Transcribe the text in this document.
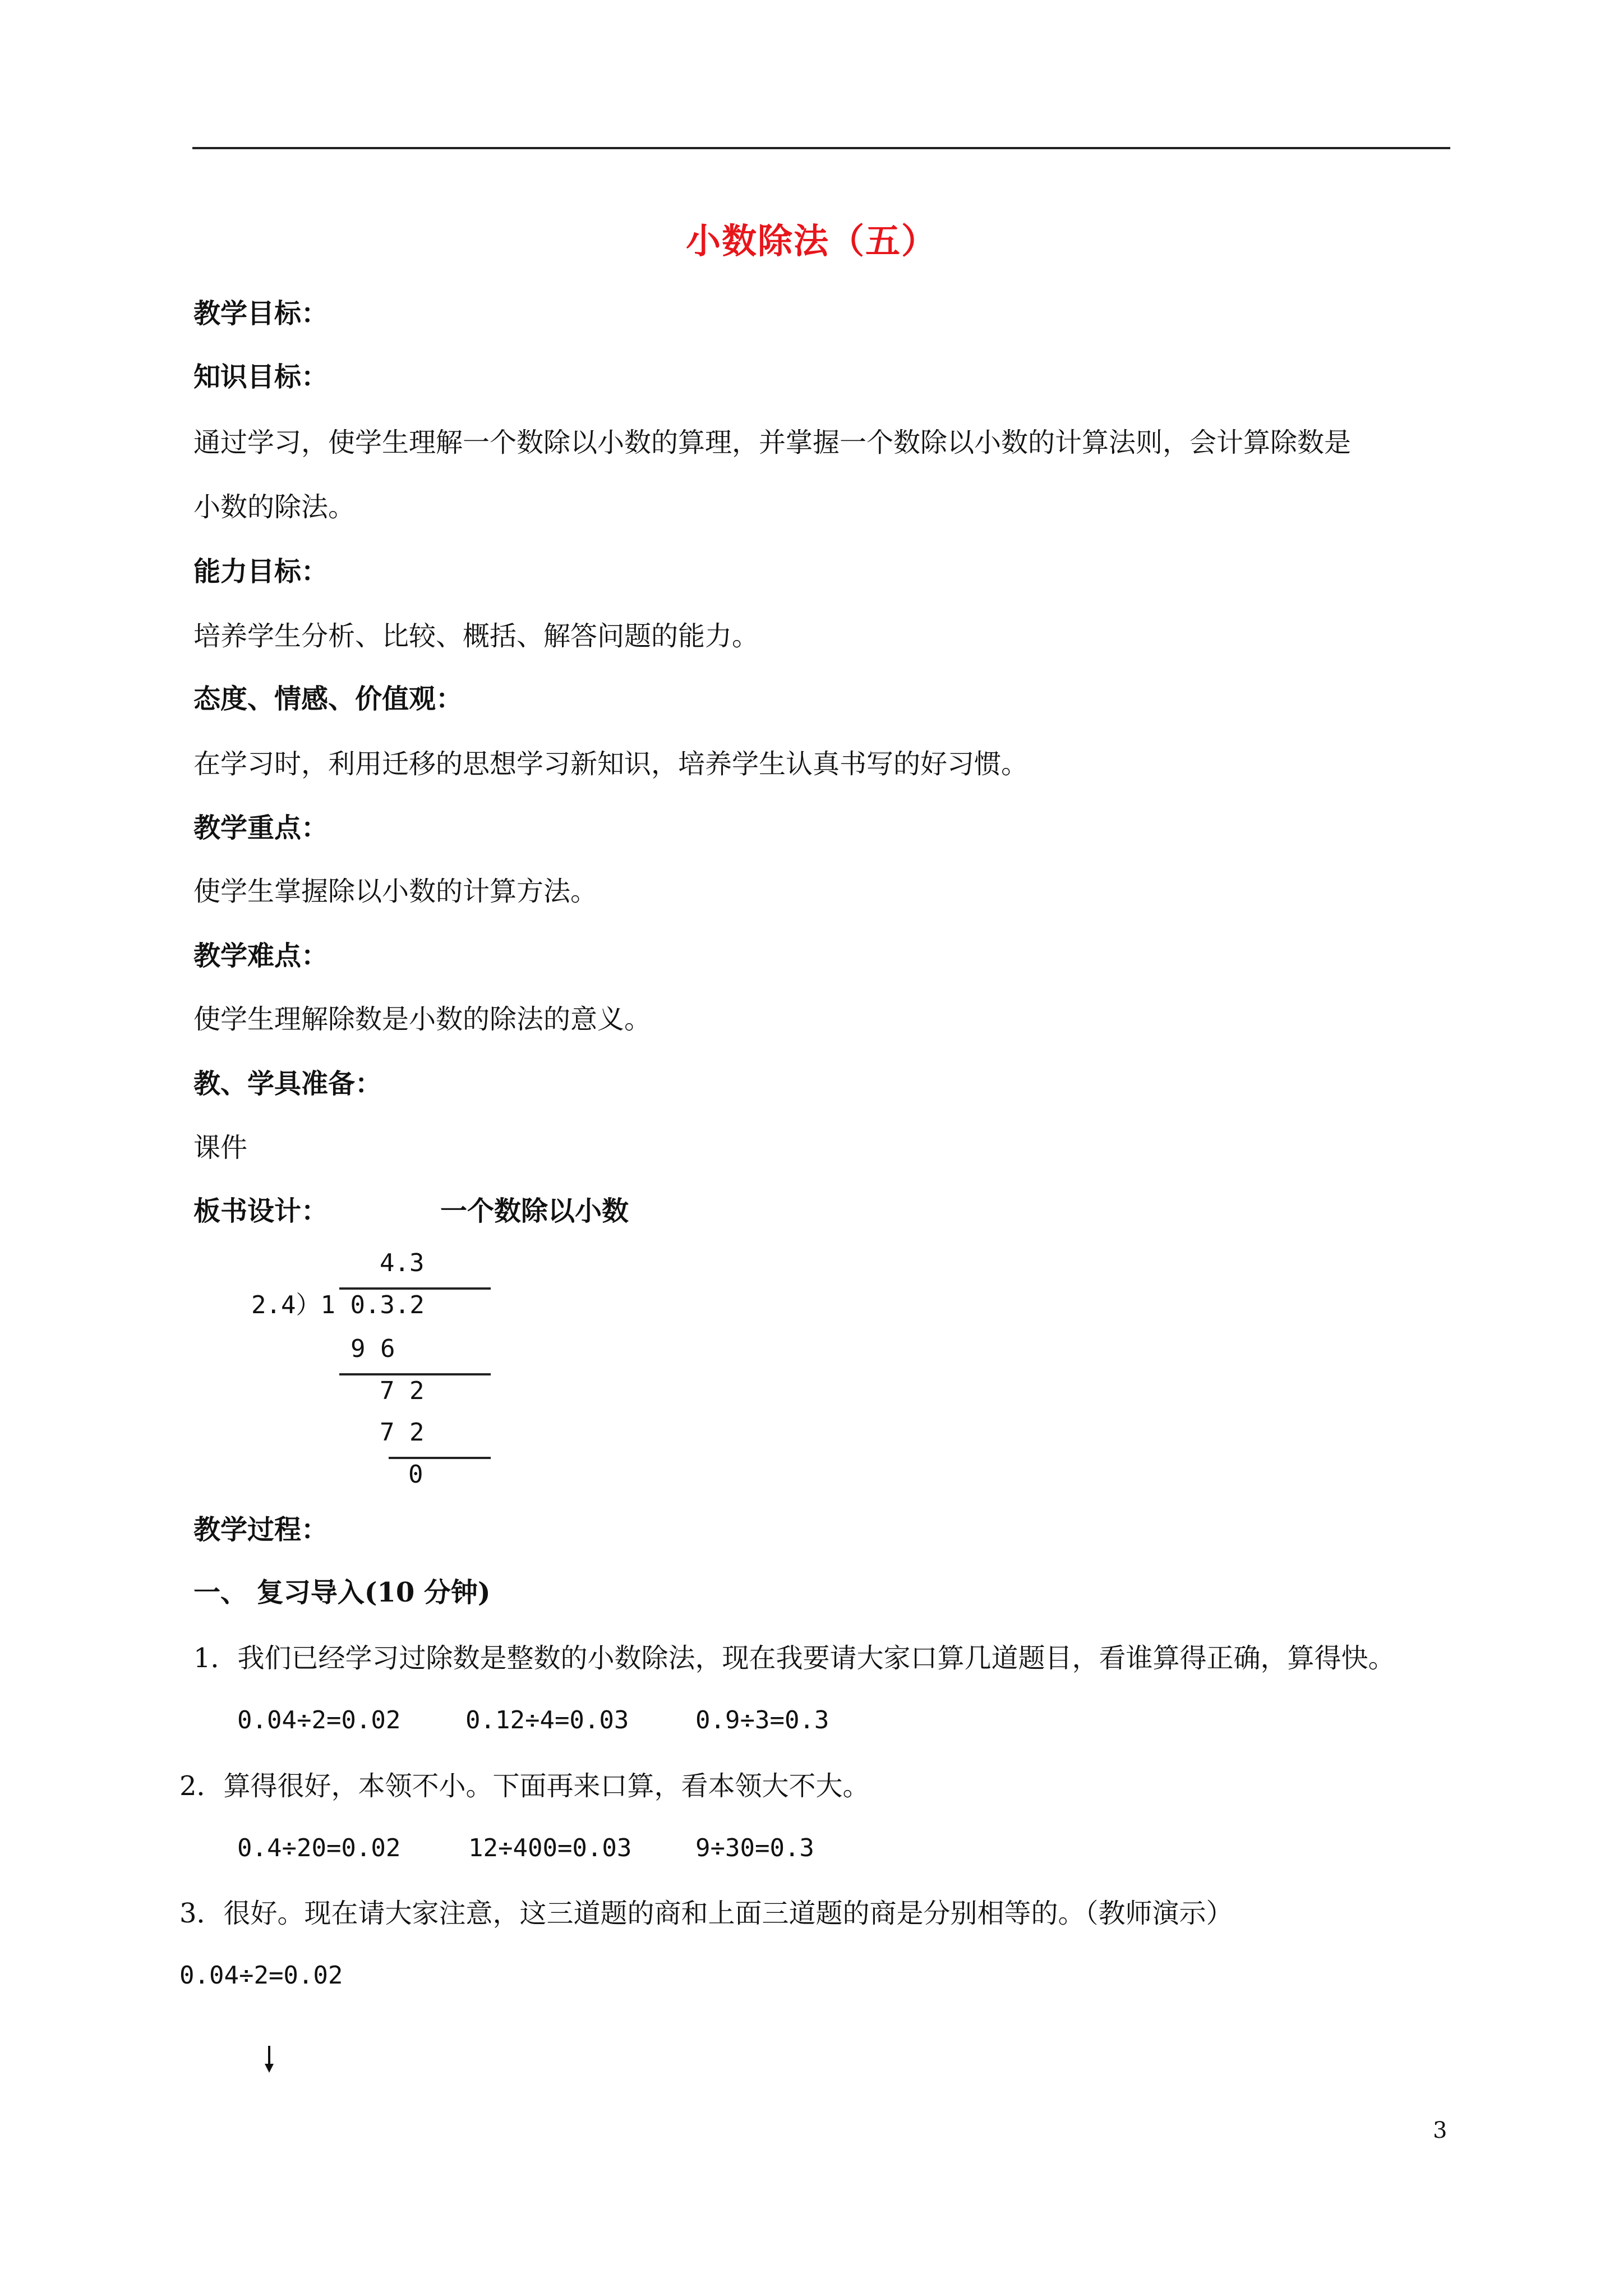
小数除法（五）
教学目标：
知识目标：
通过学习，使学生理解一个数除以小数的算理，并掌握一个数除以小数的计算法则，会计算除数是
小数的除法。
能力目标：
培养学生分析、比较、概括、解答问题的能力。
态度、情感、价值观：
在学习时，利用迁移的思想学习新知识，培养学生认真书写的好习惯。
教学重点：
使学生掌握除以小数的计算方法。
教学难点：
使学生理解除数是小数的除法的意义。
教、学具准备：
课件
板书设计：	一个数除以小数
4.3
2.4）1 0.3.2
9 6
7 2
7 2
0
教学过程：
一、 复习导入(10 分钟)
1．我们已经学习过除数是整数的小数除法，现在我要请大家口算几道题目，看谁算得正确，算得快。
0.04÷2=0.02	0.12÷4=0.03	0.9÷3=0.3
2．算得很好，本领不小。下面再来口算，看本领大不大。
0.4÷20=0.02	12÷400=0.03	9÷30=0.3
3．很好。现在请大家注意，这三道题的商和上面三道题的商是分别相等的。（教师演示）
0.04÷2=0.02
3
